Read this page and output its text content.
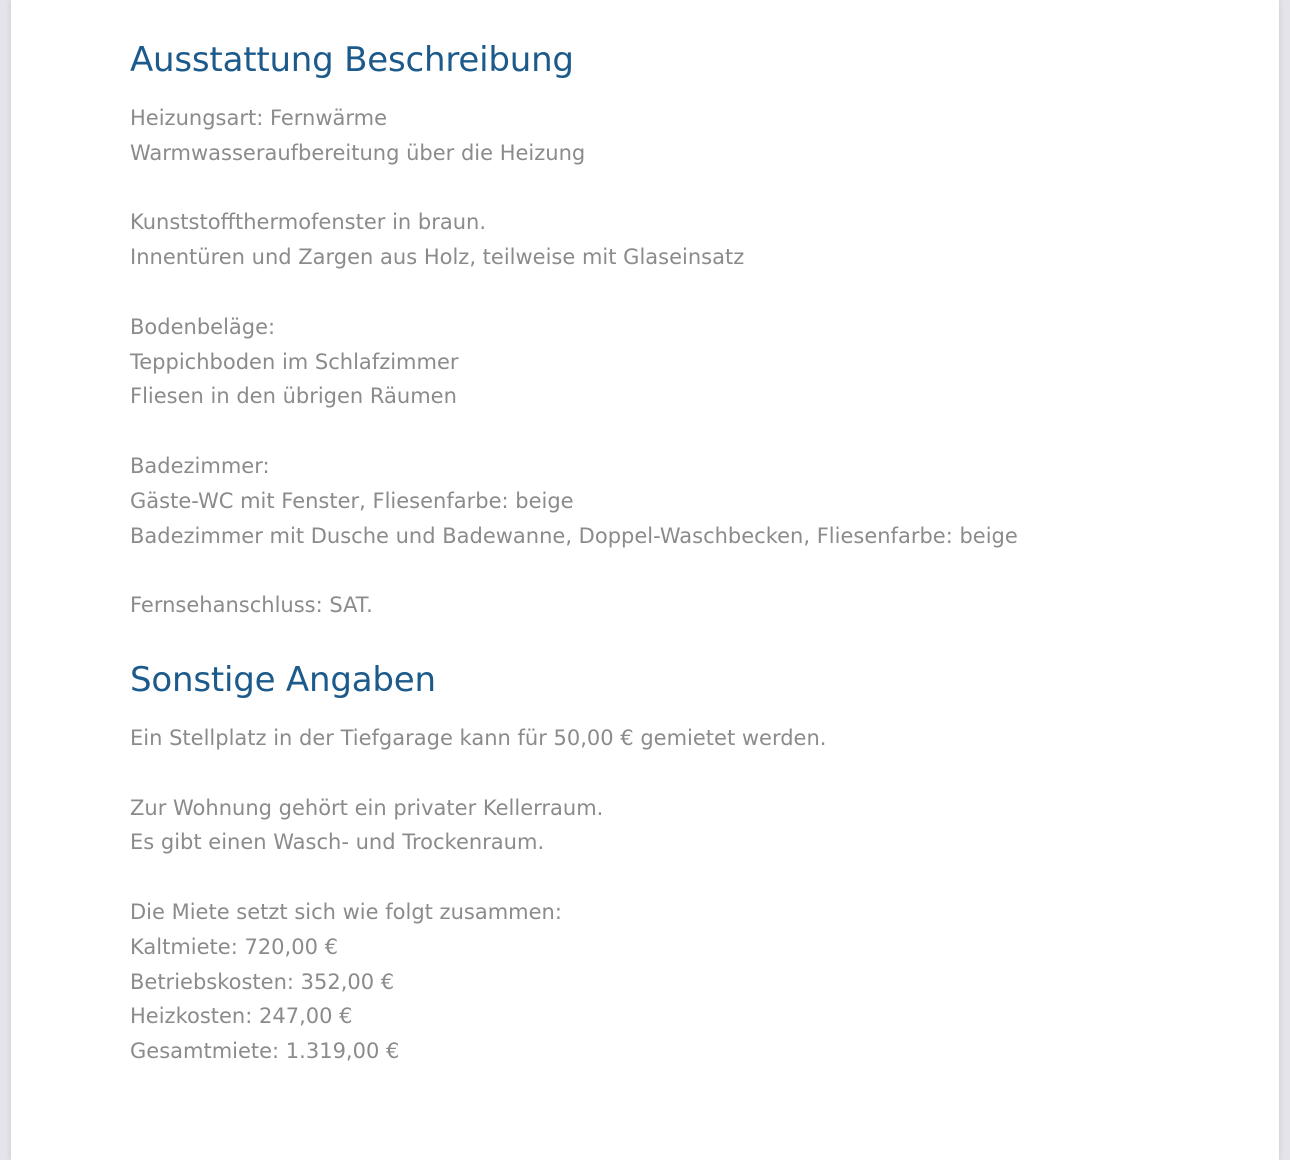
Ausstattung Beschreibung
Heizungsart: Fernwärme
Warmwasseraufbereitung über die Heizung
Kunststoffthermofenster in braun.
Innentüren und Zargen aus Holz, teilweise mit Glaseinsatz
Bodenbeläge:
Teppichboden im Schlafzimmer
Fliesen in den übrigen Räumen
Badezimmer:
Gäste-WC mit Fenster, Fliesenfarbe: beige
Badezimmer mit Dusche und Badewanne, Doppel-Waschbecken, Fliesenfarbe: beige
Fernsehanschluss: SAT.
Sonstige Angaben
Ein Stellplatz in der Tiefgarage kann für 50,00 € gemietet werden.
Zur Wohnung gehört ein privater Kellerraum.
Es gibt einen Wasch- und Trockenraum.
Die Miete setzt sich wie folgt zusammen:
Kaltmiete: 720,00 €
Betriebskosten: 352,00 €
Heizkosten: 247,00 €
Gesamtmiete: 1.319,00 €
